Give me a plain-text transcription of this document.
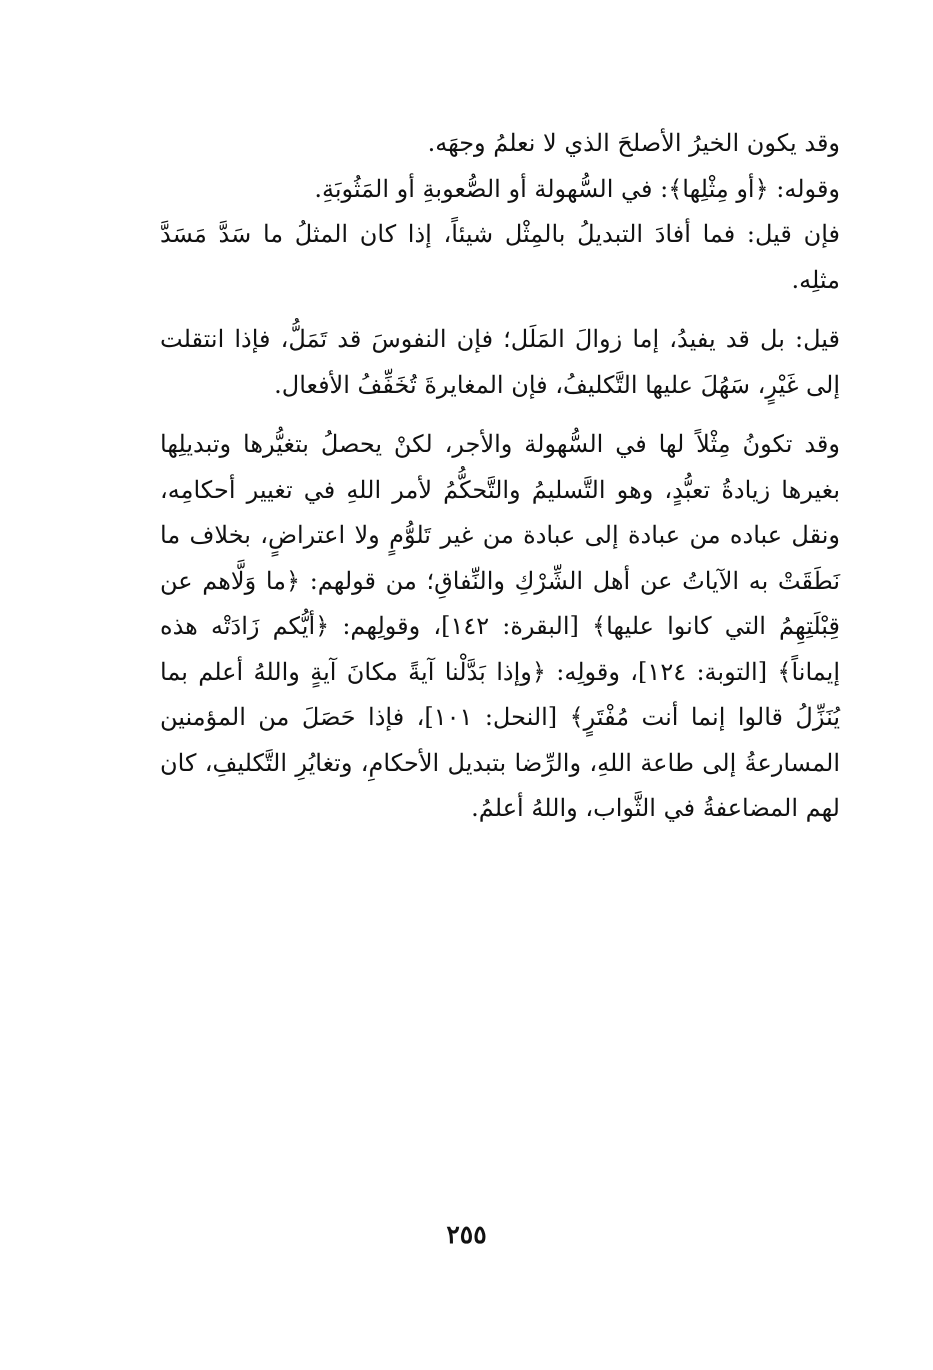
وقد يكون الخيرُ الأصلحَ الذي لا نعلمُ وجهَه.

وقوله: ﴿أو مِثْلِها﴾: في السُّهولة أو الصُّعوبةِ أو المَثُوبَةِ.

فإن قيل: فما أفادَ التبديلُ بالمِثْل شيئاً، إذا كان المثلُ ما سَدَّ مَسَدَّ مثلِه.

قيل: بل قد يفيدُ، إما زوالَ المَلَل؛ فإن النفوسَ قد تَمَلُّ، فإذا انتقلت إلى غَيْرٍ، سَهُلَ عليها التَّكليفُ، فإن المغايرةَ تُخَفِّفُ الأفعال.

وقد تكونُ مِثْلاً لها في السُّهولة والأجر، لكنْ يحصلُ بتغيُّرها وتبديلِها بغيرها زيادةُ تعبُّدٍ، وهو التَّسليمُ والتَّحكُّمُ لأمر اللهِ في تغيير أحكامِه، ونقل عباده من عبادة إلى عبادة من غير تَلوُّمٍ ولا اعتراضٍ، بخلاف ما نَطَقَتْ به الآياتُ عن أهل الشِّرْكِ والنِّفاقِ؛ من قولهم: ﴿ما وَلَّاهم عن قِبْلَتِهِمُ التي كانوا عليها﴾ [البقرة: ١٤٢]، وقولِهم: ﴿أيُّكم زَادَتْه هذه إيماناً﴾ [التوبة: ١٢٤]، وقولِه: ﴿وإذا بَدَّلْنا آيةً مكانَ آيةٍ واللهُ أعلم بما يُنَزِّلُ قالوا إنما أنت مُفْتَرٍ﴾ [النحل: ١٠١]، فإذا حَصَلَ من المؤمنين المسارعةُ إلى طاعة اللهِ، والرِّضا بتبديل الأحكامِ، وتغايُرِ التَّكليفِ، كان لهم المضاعفةُ في الثَّواب، واللهُ أعلمُ.

٢٥٥
